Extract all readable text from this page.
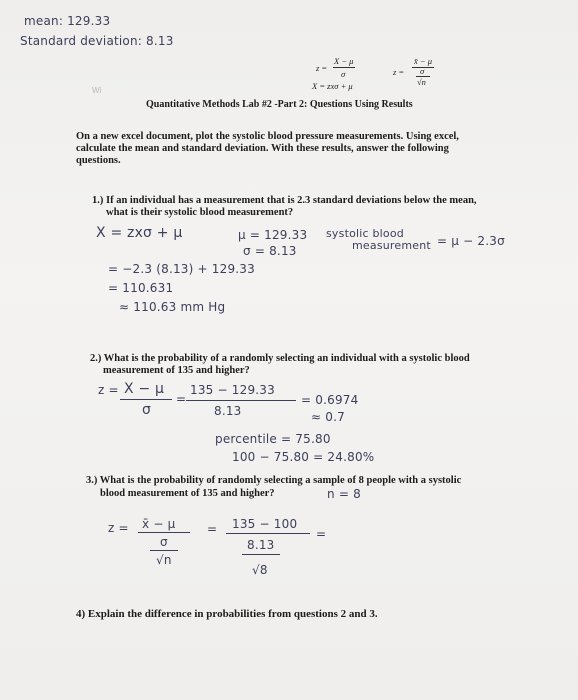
mean: 129.33
Standard deviation: 8.13
z =
X − μ
σ
X = zxσ + μ
z =
x̄ − μ
σ
√n
Wi
Quantitative Methods Lab #2 -Part 2: Questions Using Results
On a new excel document, plot the systolic blood pressure measurements. Using excel,
calculate the mean and standard deviation. With these results, answer the following
questions.
1.) If an individual has a measurement that is 2.3 standard deviations below the mean,
what is their systolic blood measurement?
X = zxσ + μ	μ = 129.33
σ = 8.13
systolic blood
measurement = μ − 2.3σ
= −2.3 (8.13) + 129.33
= 110.631
≈ 110.63 mm Hg
2.) What is the probability of a randomly selecting an individual with a systolic blood
measurement of 135 and higher?
z = X − μ
σ
=
135 − 129.33
8.13
= 0.6974
≈ 0.7
percentile = 75.80
100 − 75.80 = 24.80%
3.) What is the probability of randomly selecting a sample of 8 people with a systolic
blood measurement of 135 and higher?	n = 8
z = x̄ − μ
σ
√n
= 135 − 100
8.13
√8
=
4) Explain the difference in probabilities from questions 2 and 3.
